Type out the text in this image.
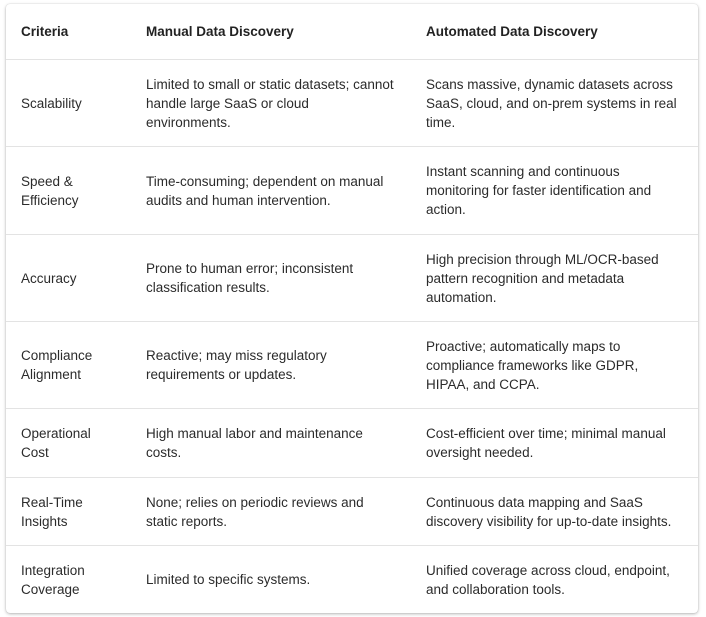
Criteria	Manual Data Discovery	Automated Data Discovery
Scalability	Limited to small or static datasets; cannot handle large SaaS or cloud environments.	Scans massive, dynamic datasets across SaaS, cloud, and on-prem systems in real time.
Speed & Efficiency	Time-consuming; dependent on manual audits and human intervention.	Instant scanning and continuous monitoring for faster identification and action.
Accuracy	Prone to human error; inconsistent classification results.	High precision through ML/OCR-based pattern recognition and metadata automation.
Compliance Alignment	Reactive; may miss regulatory requirements or updates.	Proactive; automatically maps to compliance frameworks like GDPR, HIPAA, and CCPA.
Operational Cost	High manual labor and maintenance costs.	Cost-efficient over time; minimal manual oversight needed.
Real-Time Insights	None; relies on periodic reviews and static reports.	Continuous data mapping and SaaS discovery visibility for up-to-date insights.
Integration Coverage	Limited to specific systems.	Unified coverage across cloud, endpoint, and collaboration tools.
